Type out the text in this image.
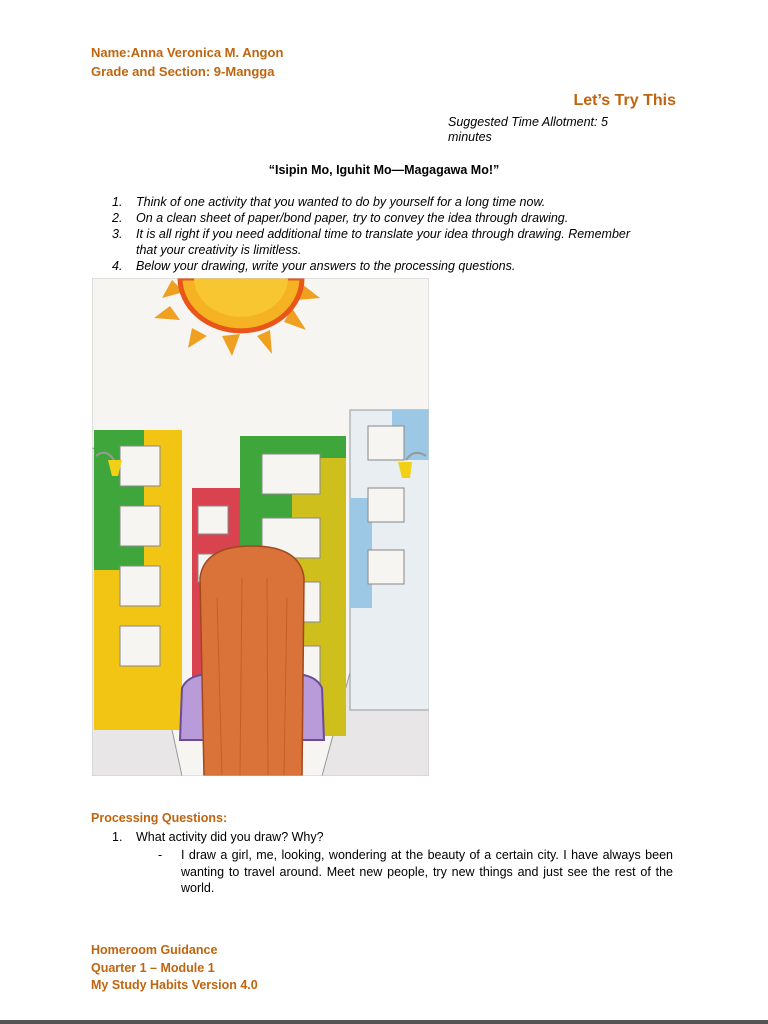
Name:Anna Veronica M. Angon
Grade and Section: 9-Mangga
Let’s Try This
Suggested Time Allotment: 5 minutes
“Isipin Mo, Iguhit Mo—Magagawa Mo!”
1.	Think of one activity that you wanted to do by yourself for a long time now.
2.	On a clean sheet of paper/bond paper, try to convey the idea through drawing.
3.	It is all right if you need additional time to translate your idea through drawing. Remember that your creativity is limitless.
4.	Below your drawing, write your answers to the processing questions.
Processing Questions:
1.	What activity did you draw? Why?
-	I draw a girl, me, looking, wondering at the beauty of a certain city. I have always been wanting to travel around. Meet new people, try new things and just see the rest of the world.
Homeroom Guidance
Quarter 1 – Module 1
My Study Habits Version 4.0
